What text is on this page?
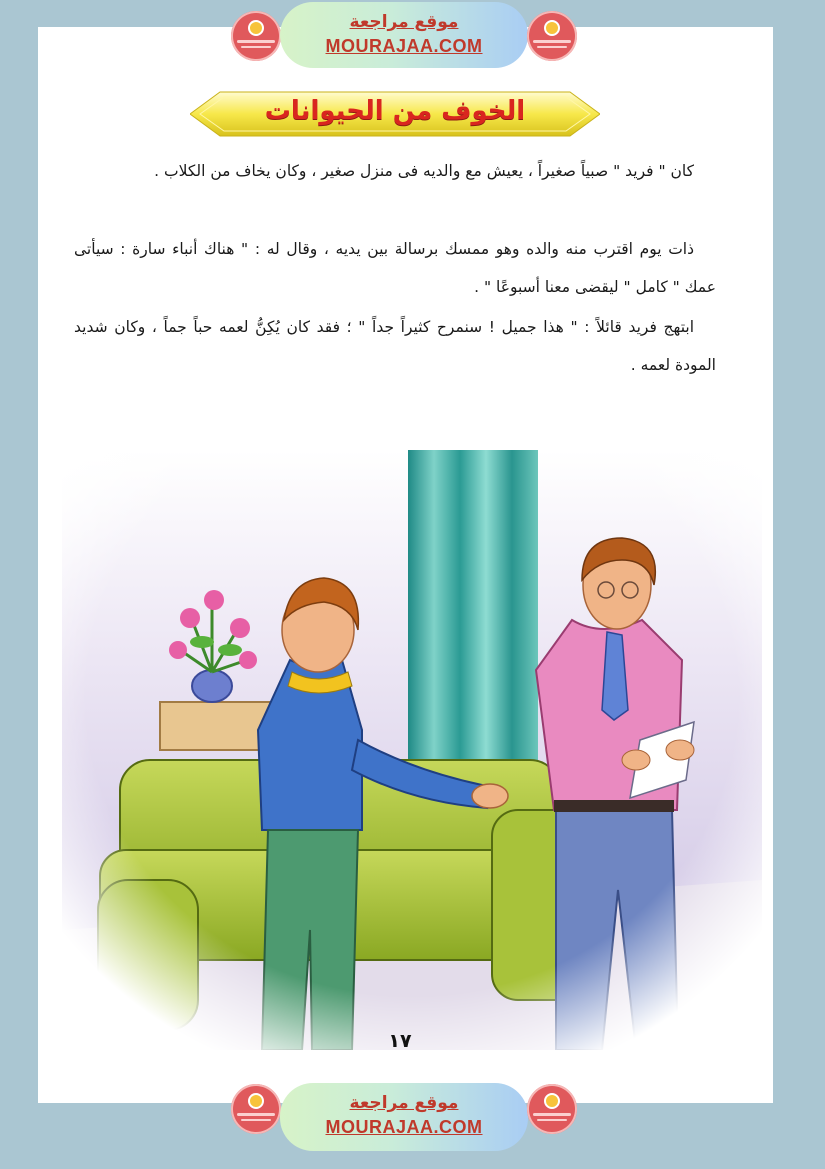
موقع مراجعة
MOURAJAA.COM
الخوف من الحيوانات

كان " فريد " صبياً صغيراً ، يعيش مع والديه فى منزل صغير ، وكان يخاف من الكلاب .

ذات يوم اقترب منه والده وهو ممسك برسالة بين يديه ، وقال له : " هناك أنباء سارة : سيأتى عمك " كامل " ليقضى معنا أسبوعًا " .

ابتهج فريد قائلاً : " هذا جميل ! سنمرح كثيراً جداً " ؛ فقد كان يُكِنُّ لعمه حباً جماً ، وكان شديد المودة لعمه .

١٧
موقع مراجعة
MOURAJAA.COM
